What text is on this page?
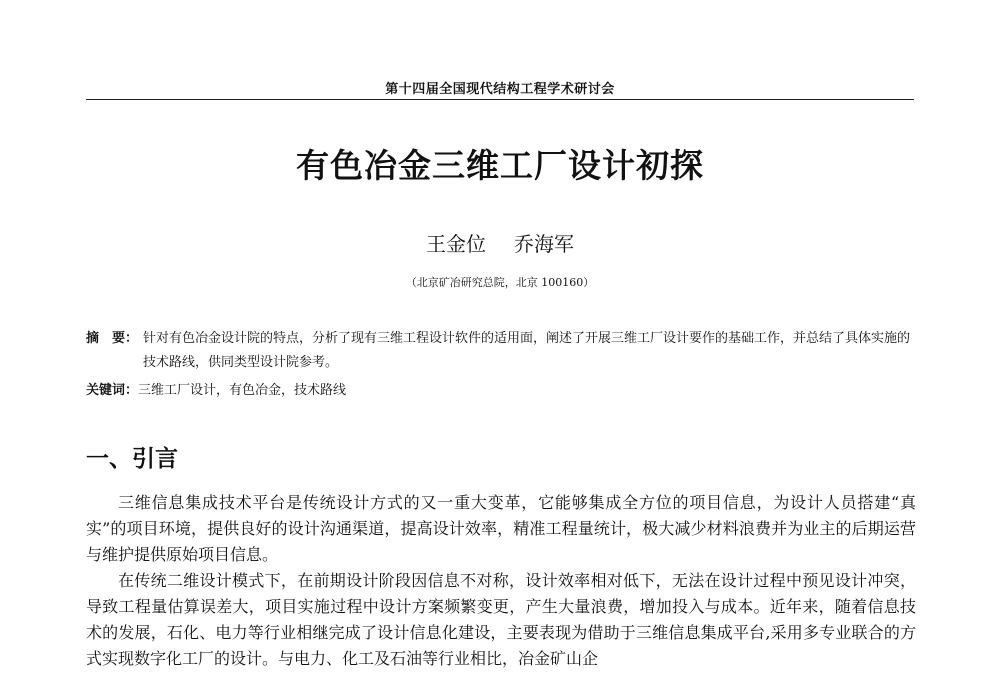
第十四届全国现代结构工程学术研讨会
有色冶金三维工厂设计初探
王金位 乔海军
（北京矿冶研究总院，北京 100160）
摘　要： 针对有色冶金设计院的特点，分析了现有三维工程设计软件的适用面，阐述了开展三维工厂设计要作的基础工作，并总结了具体实施的技术路线，供同类型设计院参考。
关键词：三维工厂设计，有色冶金，技术路线
一、引言

三维信息集成技术平台是传统设计方式的又一重大变革，它能够集成全方位的项目信息，为设计人员搭建“真实”的项目环境，提供良好的设计沟通渠道，提高设计效率，精准工程量统计，极大减少材料浪费并为业主的后期运营与维护提供原始项目信息。

在传统二维设计模式下，在前期设计阶段因信息不对称，设计效率相对低下，无法在设计过程中预见设计冲突，导致工程量估算误差大，项目实施过程中设计方案频繁变更，产生大量浪费，增加投入与成本。近年来，随着信息技术的发展，石化、电力等行业相继完成了设计信息化建设，主要表现为借助于三维信息集成平台,采用多专业联合的方式实现数字化工厂的设计。与电力、化工及石油等行业相比，冶金矿山企
